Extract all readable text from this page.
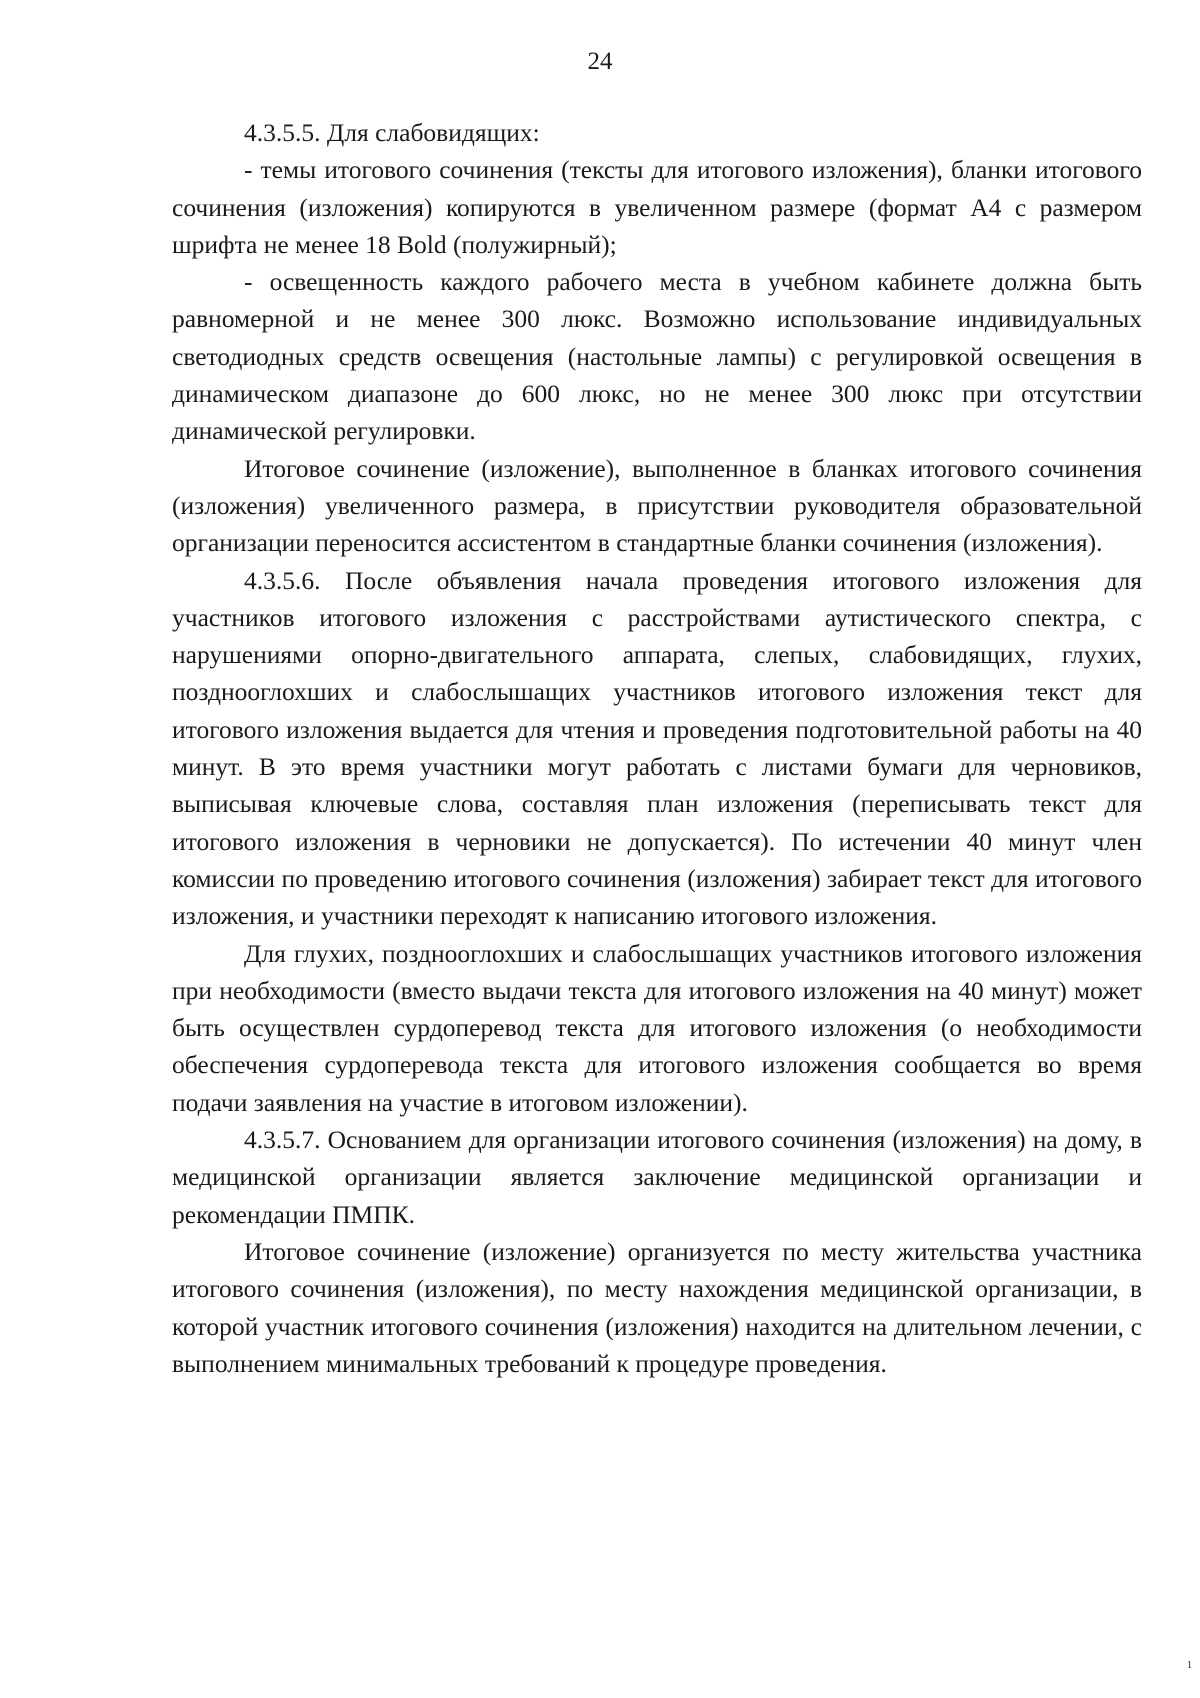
24

4.3.5.5. Для слабовидящих:

- темы итогового сочинения (тексты для итогового изложения), бланки итогового сочинения (изложения) копируются в увеличенном размере (формат А4 с размером шрифта не менее 18 Bold (полужирный);

- освещенность каждого рабочего места в учебном кабинете должна быть равномерной и не менее 300 люкс. Возможно использование индивидуальных светодиодных средств освещения (настольные лампы) с регулировкой освещения в динамическом диапазоне до 600 люкс, но не менее 300 люкс при отсутствии динамической регулировки.

Итоговое сочинение (изложение), выполненное в бланках итогового сочинения (изложения) увеличенного размера, в присутствии руководителя образовательной организации переносится ассистентом в стандартные бланки сочинения (изложения).

4.3.5.6. После объявления начала проведения итогового изложения для участников итогового изложения с расстройствами аутистического спектра, с нарушениями опорно-двигательного аппарата, слепых, слабовидящих, глухих, позднооглохших и слабослышащих участников итогового изложения текст для итогового изложения выдается для чтения и проведения подготовительной работы на 40 минут. В это время участники могут работать с листами бумаги для черновиков, выписывая ключевые слова, составляя план изложения (переписывать текст для итогового изложения в черновики не допускается). По истечении 40 минут член комиссии по проведению итогового сочинения (изложения) забирает текст для итогового изложения, и участники переходят к написанию итогового изложения.

Для глухих, позднооглохших и слабослышащих участников итогового изложения при необходимости (вместо выдачи текста для итогового изложения на 40 минут) может быть осуществлен сурдоперевод текста для итогового изложения (о необходимости обеспечения сурдоперевода текста для итогового изложения сообщается во время подачи заявления на участие в итоговом изложении).

4.3.5.7. Основанием для организации итогового сочинения (изложения) на дому, в медицинской организации является заключение медицинской организации и рекомендации ПМПК.

Итоговое сочинение (изложение) организуется по месту жительства участника итогового сочинения (изложения), по месту нахождения медицинской организации, в которой участник итогового сочинения (изложения) находится на длительном лечении, с выполнением минимальных требований к процедуре проведения.

1
